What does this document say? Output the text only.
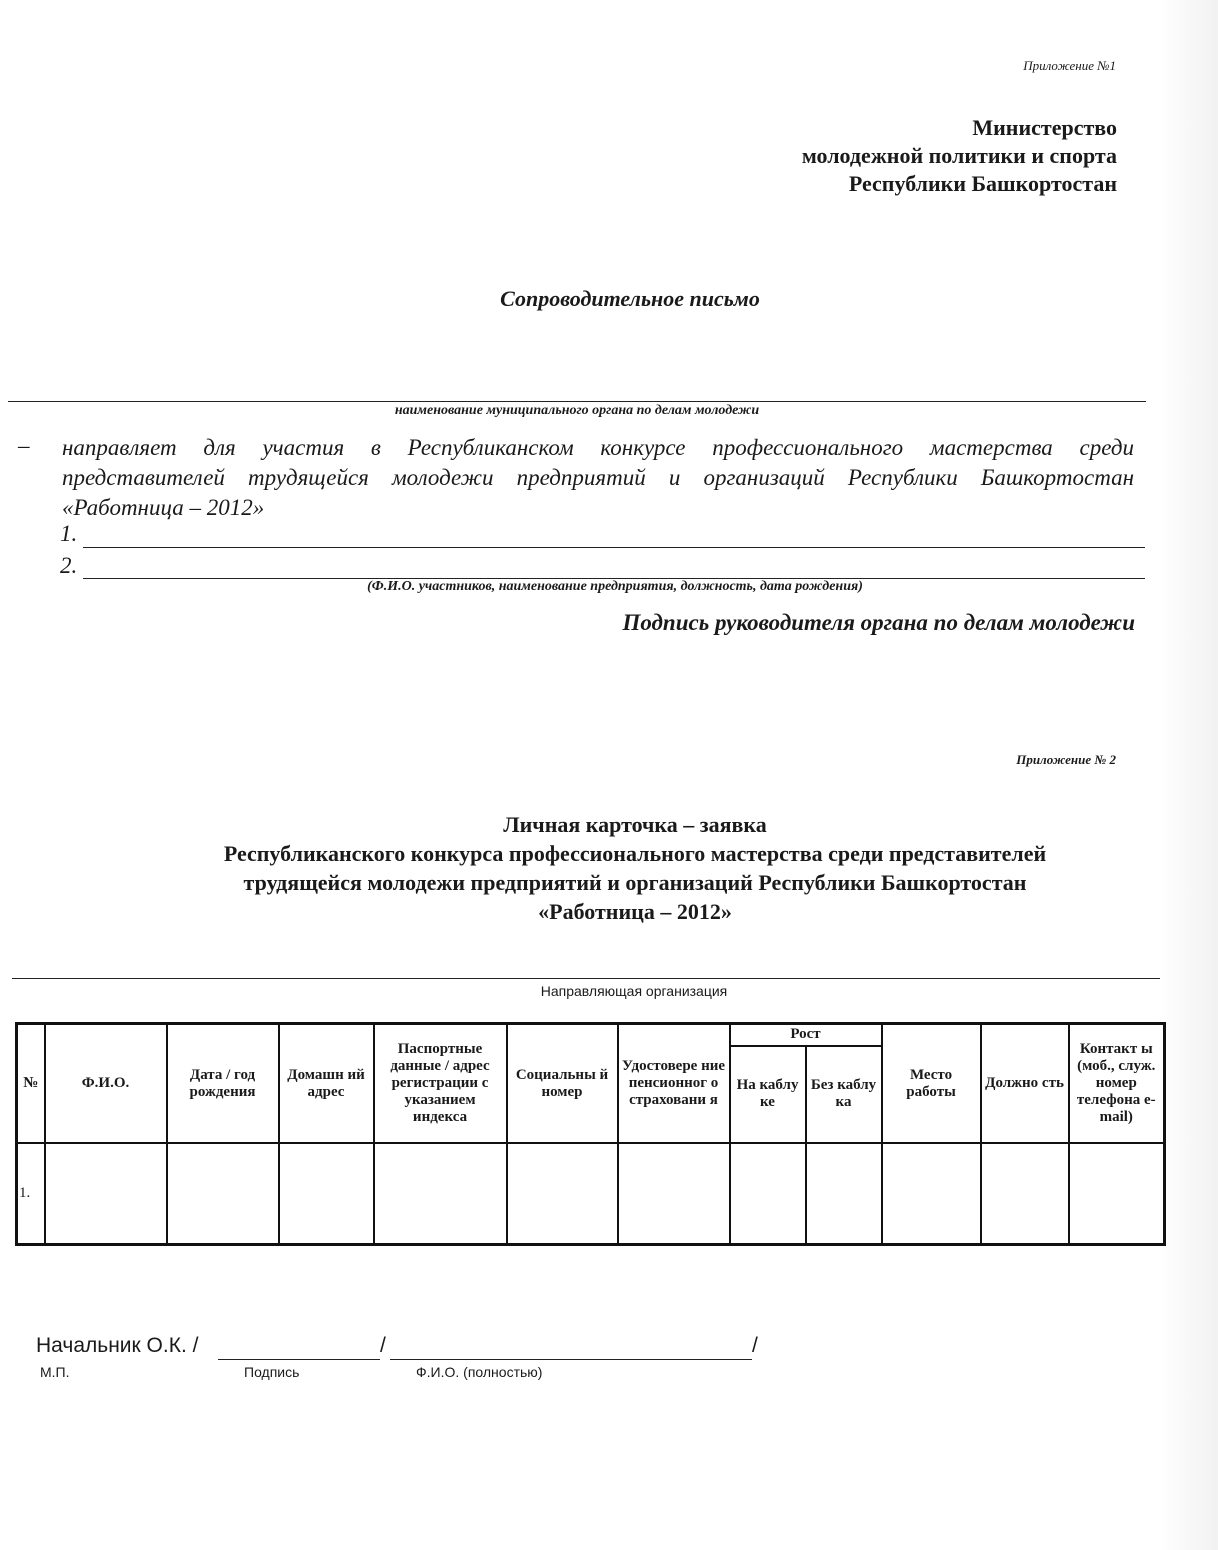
Приложение №1
Министерство
молодежной политики и спорта
Республики Башкортостан
Сопроводительное письмо
наименование муниципального органа по делам молодежи
– направляет для участия в Республиканском конкурсе профессионального мастерства среди представителей трудящейся молодежи предприятий и организаций Республики Башкортостан «Работница – 2012»
1.
2.
(Ф.И.О. участников, наименование предприятия, должность, дата рождения)
Подпись руководителя органа по делам молодежи
Приложение № 2
Личная карточка – заявка
Республиканского конкурса профессионального мастерства среди представителей
трудящейся молодежи предприятий и организаций Республики Башкортостан
«Работница – 2012»
Направляющая организация
№	Ф.И.О.	Дата / год рождения	Домашн ий адрес	Паспортные данные / адрес регистрации с указанием индекса	Социальны й номер	Удостовере ние пенсионног о страховани я	Рост		Место работы	Должно сть	Контакт ы (моб., служ. номер телефона e-mail)
							На каблу ке	Без каблу ка			
1.											
Начальник О.К. /	/	/
М.П.	Подпись	Ф.И.О. (полностью)
